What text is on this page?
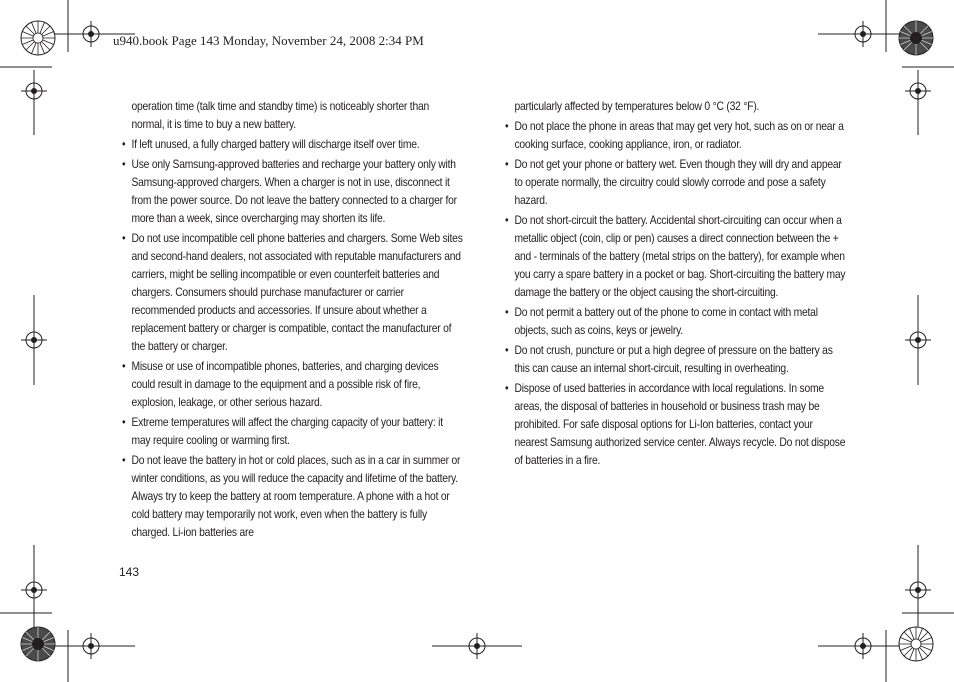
u940.book Page 143 Monday, November 24, 2008 2:34 PM

operation time (talk time and standby time) is noticeably shorter than normal, it is time to buy a new battery.

• If left unused, a fully charged battery will discharge itself over time.
• Use only Samsung-approved batteries and recharge your battery only with Samsung-approved chargers. When a charger is not in use, disconnect it from the power source. Do not leave the battery connected to a charger for more than a week, since overcharging may shorten its life.
• Do not use incompatible cell phone batteries and chargers. Some Web sites and second-hand dealers, not associated with reputable manufacturers and carriers, might be selling incompatible or even counterfeit batteries and chargers. Consumers should purchase manufacturer or carrier recommended products and accessories. If unsure about whether a replacement battery or charger is compatible, contact the manufacturer of the battery or charger.
• Misuse or use of incompatible phones, batteries, and charging devices could result in damage to the equipment and a possible risk of fire, explosion, leakage, or other serious hazard.
• Extreme temperatures will affect the charging capacity of your battery: it may require cooling or warming first.
• Do not leave the battery in hot or cold places, such as in a car in summer or winter conditions, as you will reduce the capacity and lifetime of the battery. Always try to keep the battery at room temperature. A phone with a hot or cold battery may temporarily not work, even when the battery is fully charged. Li-ion batteries are

particularly affected by temperatures below 0 °C (32 °F).

• Do not place the phone in areas that may get very hot, such as on or near a cooking surface, cooking appliance, iron, or radiator.
• Do not get your phone or battery wet. Even though they will dry and appear to operate normally, the circuitry could slowly corrode and pose a safety hazard.
• Do not short-circuit the battery. Accidental short-circuiting can occur when a metallic object (coin, clip or pen) causes a direct connection between the + and - terminals of the battery (metal strips on the battery), for example when you carry a spare battery in a pocket or bag. Short-circuiting the battery may damage the battery or the object causing the short-circuiting.
• Do not permit a battery out of the phone to come in contact with metal objects, such as coins, keys or jewelry.
• Do not crush, puncture or put a high degree of pressure on the battery as this can cause an internal short-circuit, resulting in overheating.
• Dispose of used batteries in accordance with local regulations. In some areas, the disposal of batteries in household or business trash may be prohibited. For safe disposal options for Li-Ion batteries, contact your nearest Samsung authorized service center. Always recycle. Do not dispose of batteries in a fire.
143
